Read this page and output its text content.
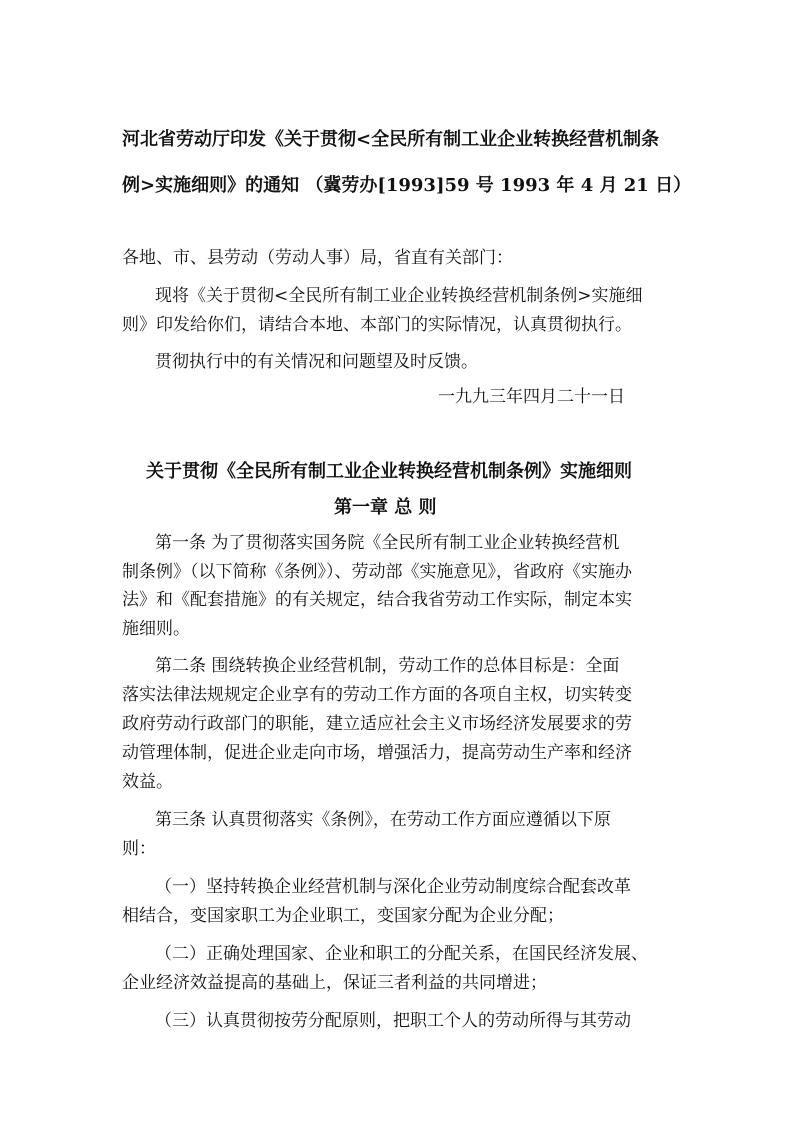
河北省劳动厅印发《关于贯彻<全民所有制工业企业转换经营机制条
例>实施细则》的通知 （冀劳办[1993]59 号 1993 年 4 月 21 日）
各地、市、县劳动（劳动人事）局，省直有关部门：
现将《关于贯彻<全民所有制工业企业转换经营机制条例>实施细
则》印发给你们，请结合本地、本部门的实际情况，认真贯彻执行。
贯彻执行中的有关情况和问题望及时反馈。
一九九三年四月二十一日
关于贯彻《全民所有制工业企业转换经营机制条例》实施细则
第一章 总 则
第一条 为了贯彻落实国务院《全民所有制工业企业转换经营机
制条例》（以下简称《条例》）、劳动部《实施意见》，省政府《实施办
法》和《配套措施》的有关规定，结合我省劳动工作实际，制定本实
施细则。
第二条 围绕转换企业经营机制，劳动工作的总体目标是：全面
落实法律法规规定企业享有的劳动工作方面的各项自主权，切实转变
政府劳动行政部门的职能，建立适应社会主义市场经济发展要求的劳
动管理体制，促进企业走向市场，增强活力，提高劳动生产率和经济
效益。
第三条 认真贯彻落实《条例》，在劳动工作方面应遵循以下原
则：
（一）坚持转换企业经营机制与深化企业劳动制度综合配套改革
相结合，变国家职工为企业职工，变国家分配为企业分配；
（二）正确处理国家、企业和职工的分配关系，在国民经济发展、
企业经济效益提高的基础上，保证三者利益的共同增进；
（三）认真贯彻按劳分配原则，把职工个人的劳动所得与其劳动
